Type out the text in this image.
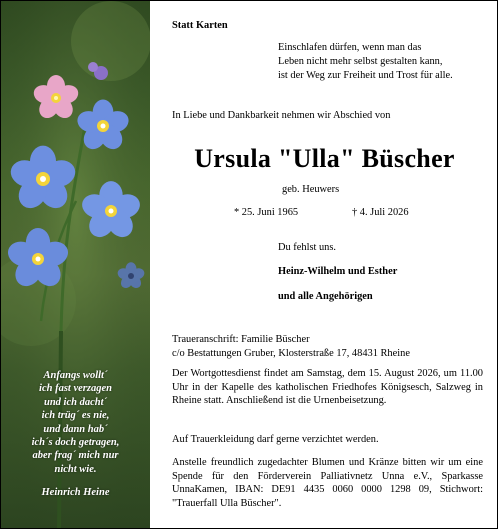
Anfangs wollt´
ich fast verzagen
und ich dacht´
ich trüg´ es nie,
und dann hab´
ich´s doch getragen,
aber frag´ mich nur
nicht wie.
Heinrich Heine
Statt Karten
Einschlafen dürfen, wenn man das
Leben nicht mehr selbst gestalten kann,
ist der Weg zur Freiheit und Trost für alle.
In Liebe und Dankbarkeit nehmen wir Abschied von
Ursula "Ulla" Büscher
geb. Heuwers
* 25. Juni 1965	† 4. Juli 2026
Du fehlst uns.
Heinz-Wilhelm und Esther
und alle Angehörigen
Traueranschrift: Familie Büscher
c/o Bestattungen Gruber, Klosterstraße 17, 48431 Rheine
Der Wortgottesdienst findet am Samstag, dem 15. August 2026, um 11.00 Uhr in der Kapelle des katholischen Friedhofes Königsesch, Salzweg in Rheine statt. Anschließend ist die Urnenbeisetzung.
Auf Trauerkleidung darf gerne verzichtet werden.
Anstelle freundlich zugedachter Blumen und Kränze bitten wir um eine Spende für den Förderverein Palliativnetz Unna e.V., Sparkasse UnnaKamen, IBAN: DE91 4435 0060 0000 1298 09, Stichwort: "Trauerfall Ulla Büscher".
